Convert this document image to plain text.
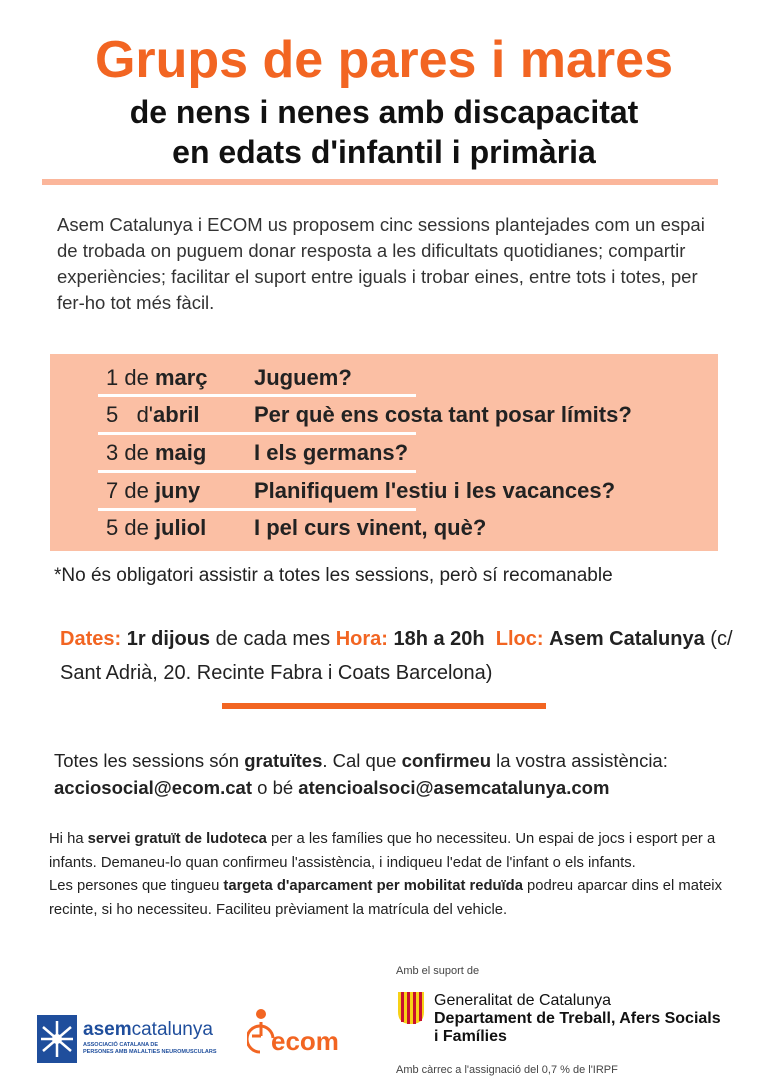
Grups de pares i mares
de nens i nenes amb discapacitat
en edats d'infantil i primària
Asem Catalunya i ECOM us proposem cinc sessions plantejades com un espai de trobada on puguem donar resposta a les dificultats quotidianes; compartir experiències; facilitar el suport entre iguals i trobar eines, entre tots i totes, per fer-ho tot més fàcil.
1 de març Juguem?
5   d'abril Per què ens costa tant posar límits?
3 de maig I els germans?
7 de juny Planifiquem l'estiu i les vacances?
5 de juliol I pel curs vinent, què?
*No és obligatori assistir a totes les sessions, però sí recomanable
Dates: 1r dijous de cada mes Hora: 18h a 20h Lloc: Asem Catalunya (c/ Sant Adrià, 20. Recinte Fabra i Coats Barcelona)
Totes les sessions són gratuïtes. Cal que confirmeu la vostra assistència:
acciosocial@ecom.cat o bé atencioalsoci@asemcatalunya.com
Hi ha servei gratuït de ludoteca per a les famílies que ho necessiteu. Un espai de jocs i esport per a infants. Demaneu-lo quan confirmeu l'assistència, i indiqueu l'edat de l'infant o els infants.
Les persones que tingueu targeta d'aparcament per mobilitat reduïda podreu aparcar dins el mateix recinte, si ho necessiteu. Faciliteu prèviament la matrícula del vehicle.
asemcatalunya
ASSOCIACIÓ CATALANA DE
PERSONES AMB MALALTIES NEUROMUSCULARS ecom
Amb el suport de
Generalitat de Catalunya
Departament de Treball, Afers Socials
i Famílies
Amb càrrec a l'assignació del 0,7 % de l'IRPF
